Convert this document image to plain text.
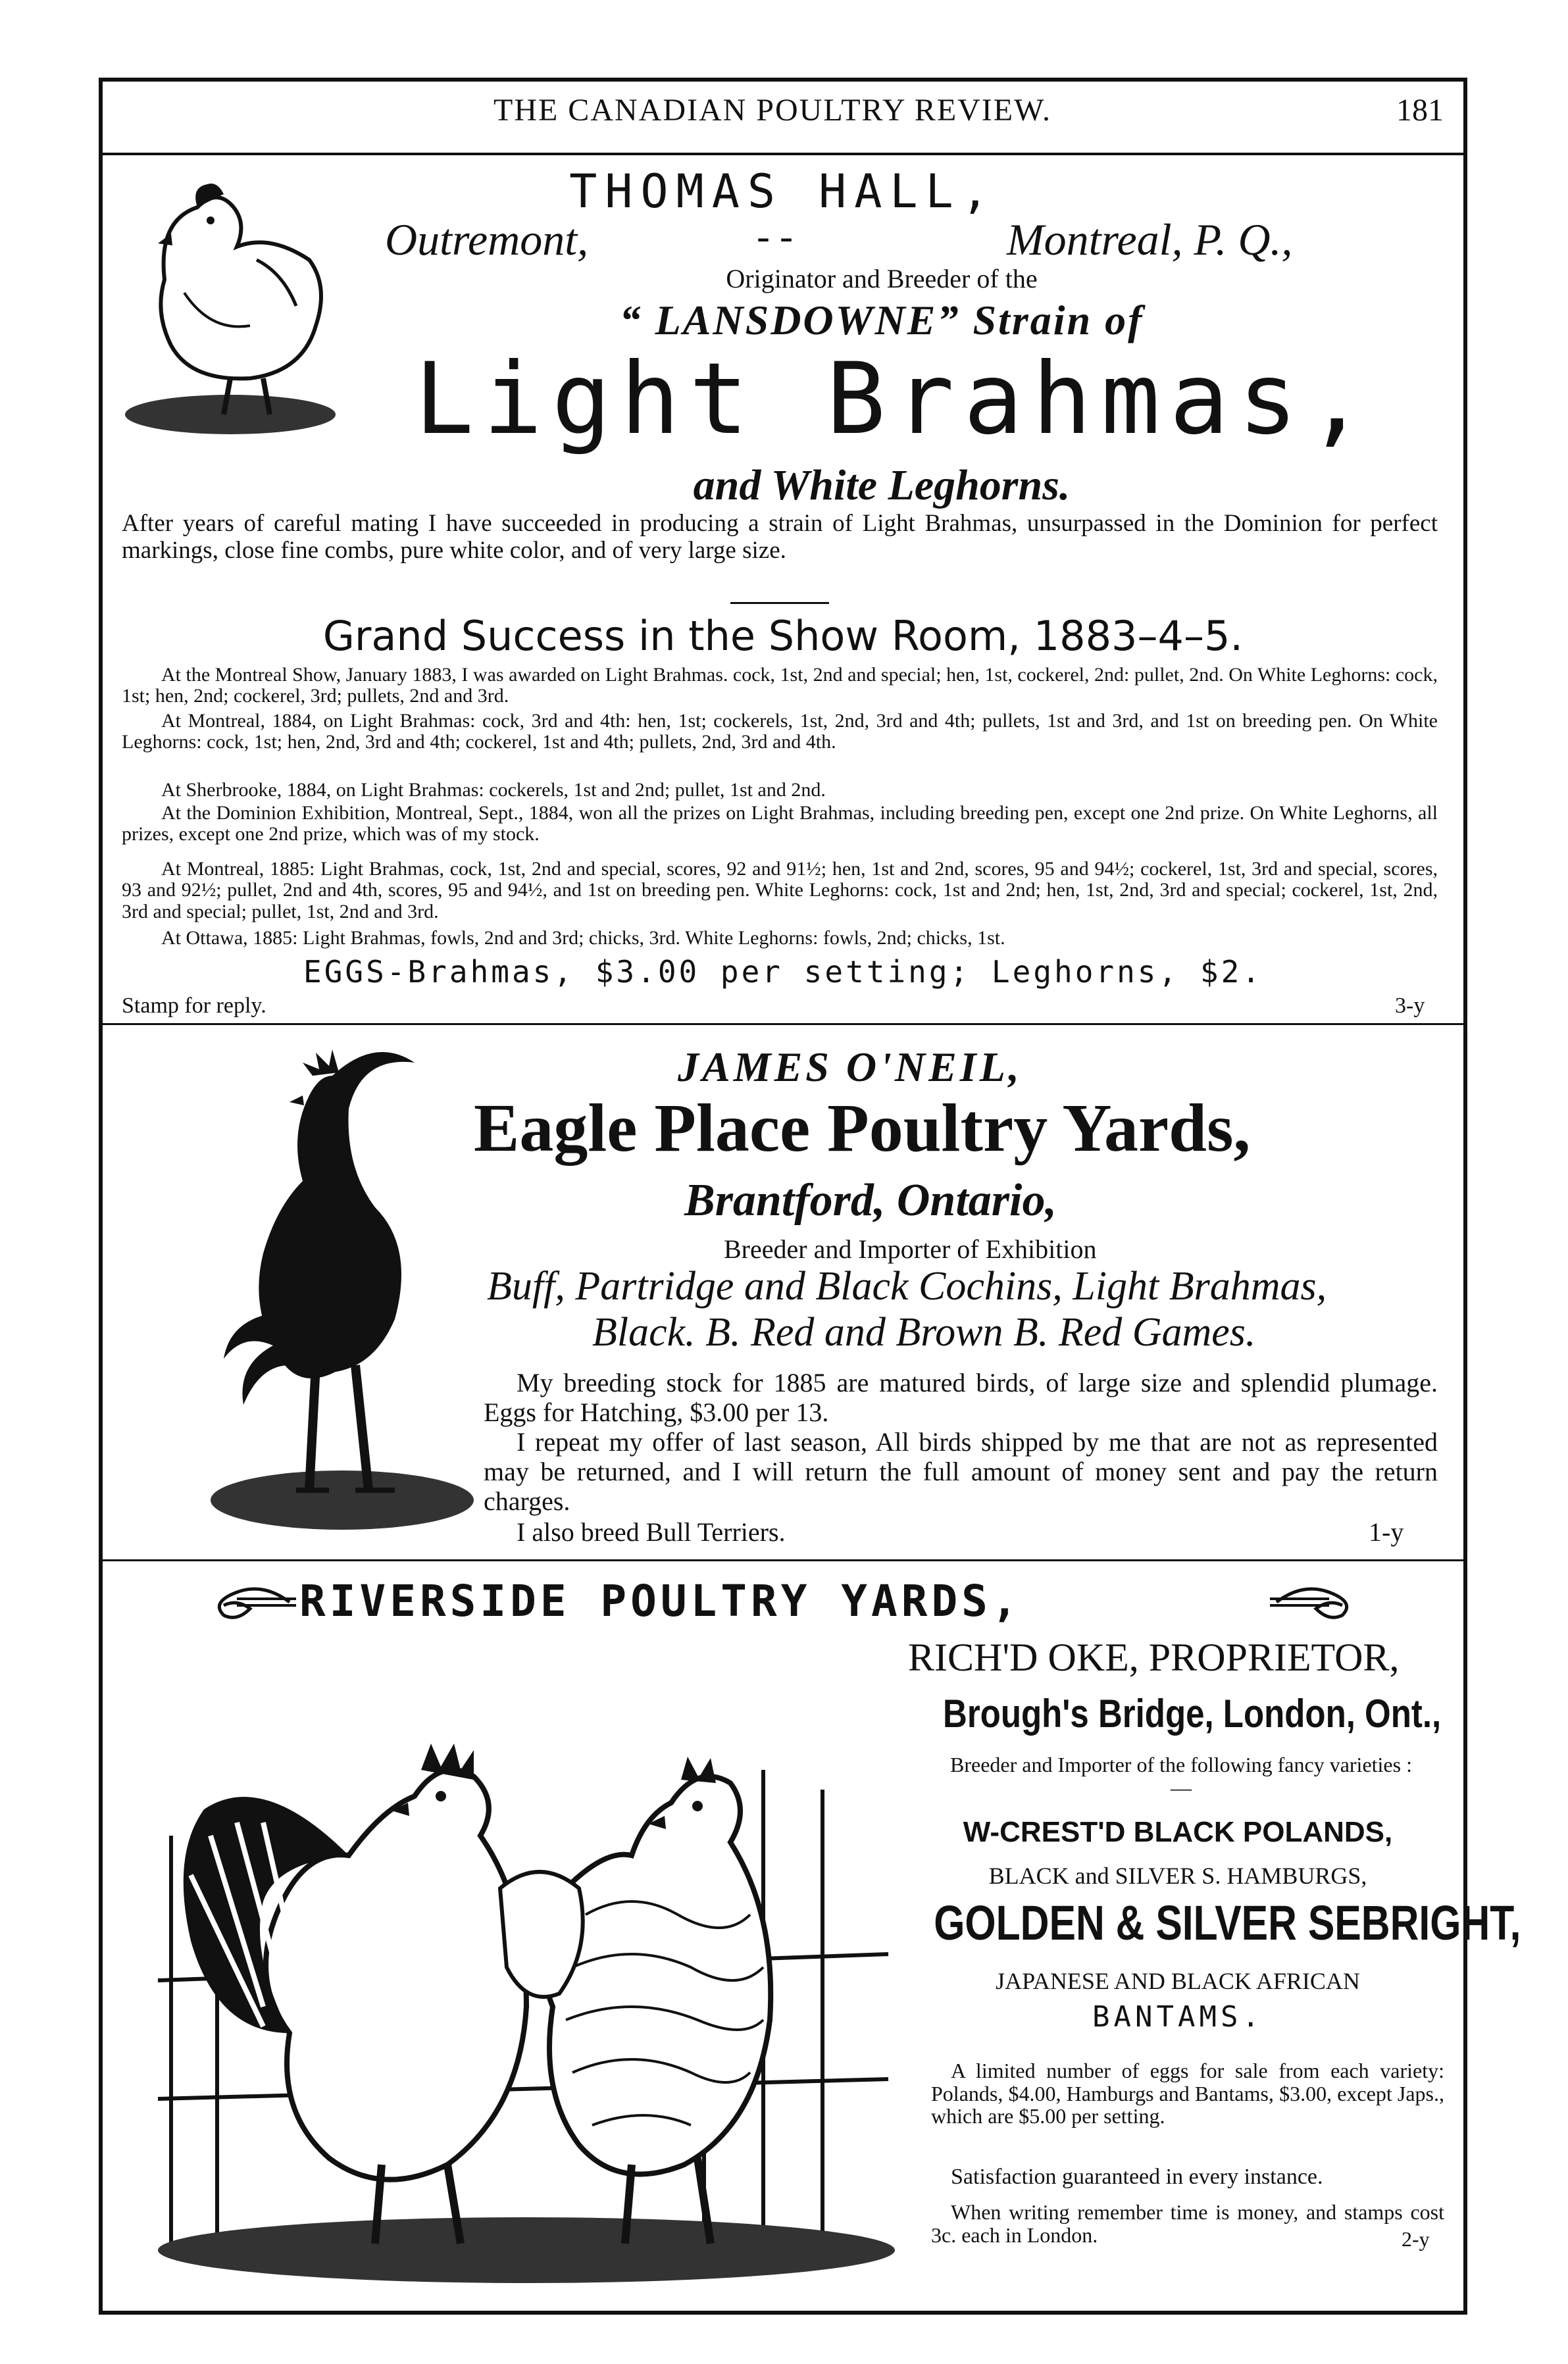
THE CANADIAN POULTRY REVIEW.	181
THOMAS HALL,
Outremont,	- -	Montreal, P. Q.,
Originator and Breeder of the
“ LANSDOWNE” Strain of
Light Brahmas,
and White Leghorns.
After years of careful mating I have succeeded in producing a strain of Light Brahmas, unsurpassed in the Dominion for perfect markings, close fine combs, pure white color, and of very large size.
Grand Success in the Show Room, 1883–4–5.
At the Montreal Show, January 1883, I was awarded on Light Brahmas. cock, 1st, 2nd and special; hen, 1st, cockerel, 2nd: pullet, 2nd. On White Leghorns: cock, 1st; hen, 2nd; cockerel, 3rd; pullets, 2nd and 3rd.
At Montreal, 1884, on Light Brahmas: cock, 3rd and 4th: hen, 1st; cockerels, 1st, 2nd, 3rd and 4th; pullets, 1st and 3rd, and 1st on breeding pen. On White Leghorns: cock, 1st; hen, 2nd, 3rd and 4th; cockerel, 1st and 4th; pullets, 2nd, 3rd and 4th.
At Sherbrooke, 1884, on Light Brahmas: cockerels, 1st and 2nd; pullet, 1st and 2nd.
At the Dominion Exhibition, Montreal, Sept., 1884, won all the prizes on Light Brahmas, including breeding pen, except one 2nd prize. On White Leghorns, all prizes, except one 2nd prize, which was of my stock.
At Montreal, 1885: Light Brahmas, cock, 1st, 2nd and special, scores, 92 and 91½; hen, 1st and 2nd, scores, 95 and 94½; cockerel, 1st, 3rd and special, scores, 93 and 92½; pullet, 2nd and 4th, scores, 95 and 94½, and 1st on breeding pen. White Leghorns: cock, 1st and 2nd; hen, 1st, 2nd, 3rd and special; cockerel, 1st, 2nd, 3rd and special; pullet, 1st, 2nd and 3rd.
At Ottawa, 1885: Light Brahmas, fowls, 2nd and 3rd; chicks, 3rd. White Leghorns: fowls, 2nd; chicks, 1st.
EGGS-Brahmas, $3.00 per setting; Leghorns, $2.
Stamp for reply.	3-y
JAMES O'NEIL,
Eagle Place Poultry Yards,
Brantford, Ontario,
Breeder and Importer of Exhibition
Buff, Partridge and Black Cochins, Light Brahmas,
Black. B. Red and Brown B. Red Games.
My breeding stock for 1885 are matured birds, of large size and splendid plumage. Eggs for Hatching, $3.00 per 13.
I repeat my offer of last season, All birds shipped by me that are not as represented may be returned, and I will return the full amount of money sent and pay the return charges.
I also breed Bull Terriers.	1-y
RIVERSIDE POULTRY YARDS,
RICH'D OKE, PROPRIETOR,
Brough's Bridge, London, Ont.,
Breeder and Importer of the following fancy varieties :—
W-CREST'D BLACK POLANDS,
BLACK and SILVER S. HAMBURGS,
GOLDEN & SILVER SEBRIGHT,
JAPANESE AND BLACK AFRICAN
BANTAMS.
A limited number of eggs for sale from each variety: Polands, $4.00, Hamburgs and Bantams, $3.00, except Japs., which are $5.00 per setting.
Satisfaction guaranteed in every instance.
When writing remember time is money, and stamps cost 3c. each in London.	2-y
